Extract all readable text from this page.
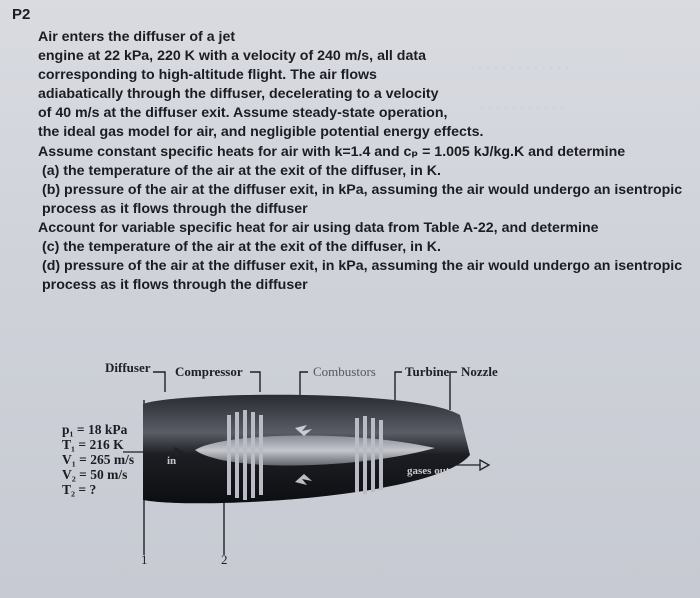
· · · · · · · · · · · · ·
· · · · · · · · · · ·
P2
Air enters the diffuser of a jet
engine at 22 kPa, 220 K with a velocity of 240 m/s, all data
corresponding to high-altitude flight. The air flows
adiabatically through the diffuser, decelerating to a velocity
of 40 m/s at the diffuser exit. Assume steady-state operation,
the ideal gas model for air, and negligible potential energy effects.
Assume constant specific heats for air with k=1.4 and cₚ = 1.005 kJ/kg.K and determine
(a) the temperature of the air at the exit of the diffuser, in K.
(b) pressure of the air at the diffuser exit, in kPa, assuming the air would undergo an isentropic process as it flows through the diffuser
Account for variable specific heat for air using data from Table A-22, and determine
(c) the temperature of the air at the exit of the diffuser, in K.
(d) pressure of the air at the diffuser exit, in kPa, assuming the air would undergo an isentropic process as it flows through the diffuser
Diffuser Compressor	Combustors Turbine Nozzle
in
gases out
1	2
p₁ = 18 kPa
T₁ = 216 K
V₁ = 265 m/s
V₂ = 50 m/s
T₂ = ?
